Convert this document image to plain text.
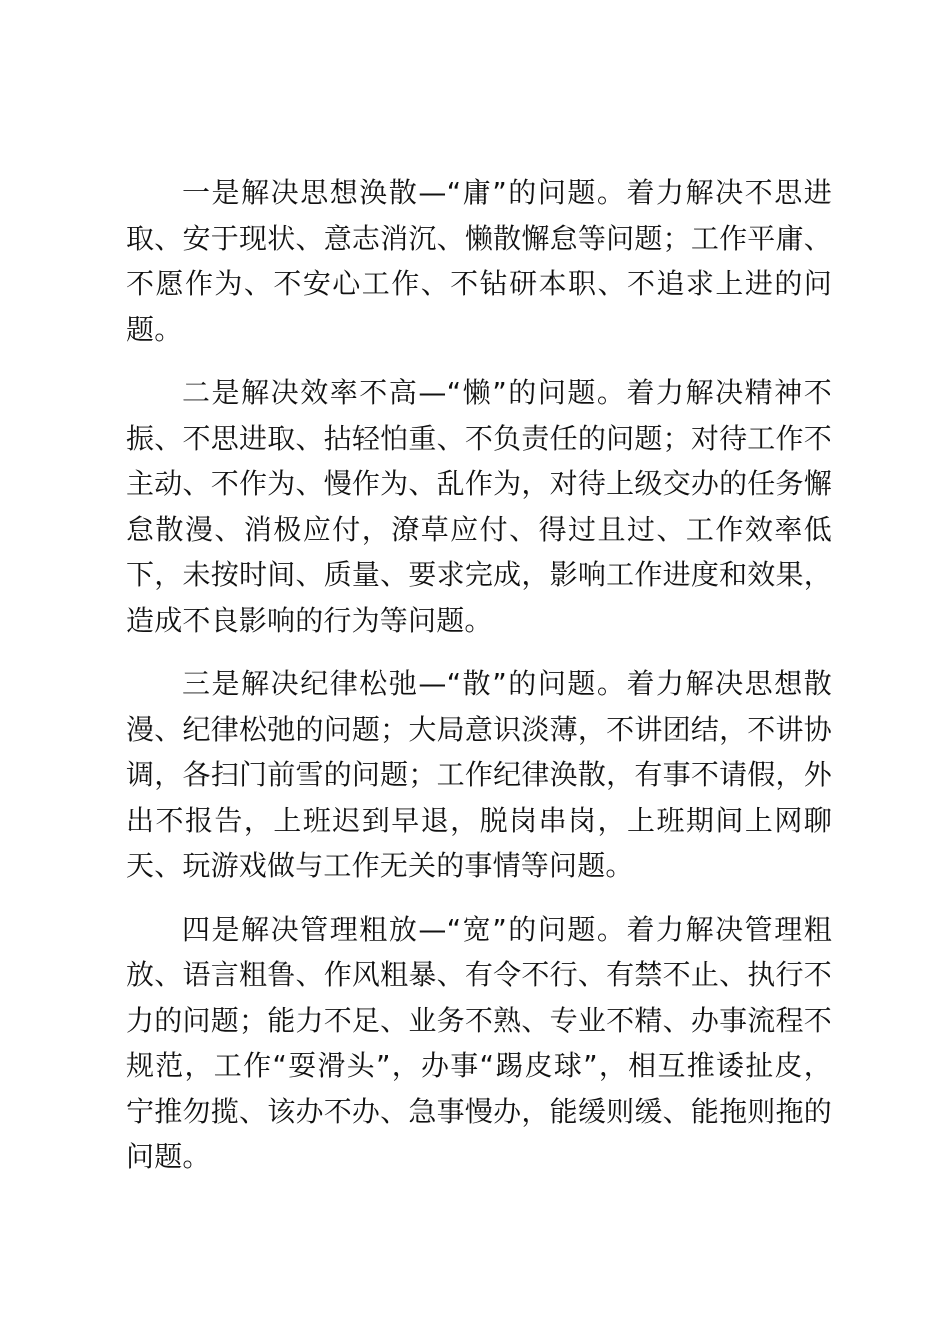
一是解决思想涣散—“庸”的问题。着力解决不思进取、安于现状、意志消沉、懒散懈怠等问题；工作平庸、不愿作为、不安心工作、不钻研本职、不追求上进的问题。

二是解决效率不高—“懒”的问题。着力解决精神不振、不思进取、拈轻怕重、不负责任的问题；对待工作不主动、不作为、慢作为、乱作为，对待上级交办的任务懈怠散漫、消极应付，潦草应付、得过且过、工作效率低下，未按时间、质量、要求完成，影响工作进度和效果，造成不良影响的行为等问题。

三是解决纪律松弛—“散”的问题。着力解决思想散漫、纪律松弛的问题；大局意识淡薄，不讲团结，不讲协调，各扫门前雪的问题；工作纪律涣散，有事不请假，外出不报告，上班迟到早退，脱岗串岗，上班期间上网聊天、玩游戏做与工作无关的事情等问题。

四是解决管理粗放—“宽”的问题。着力解决管理粗放、语言粗鲁、作风粗暴、有令不行、有禁不止、执行不力的问题；能力不足、业务不熟、专业不精、办事流程不规范，工作“耍滑头”，办事“踢皮球”，相互推诿扯皮，宁推勿揽、该办不办、急事慢办，能缓则缓、能拖则拖的问题。
